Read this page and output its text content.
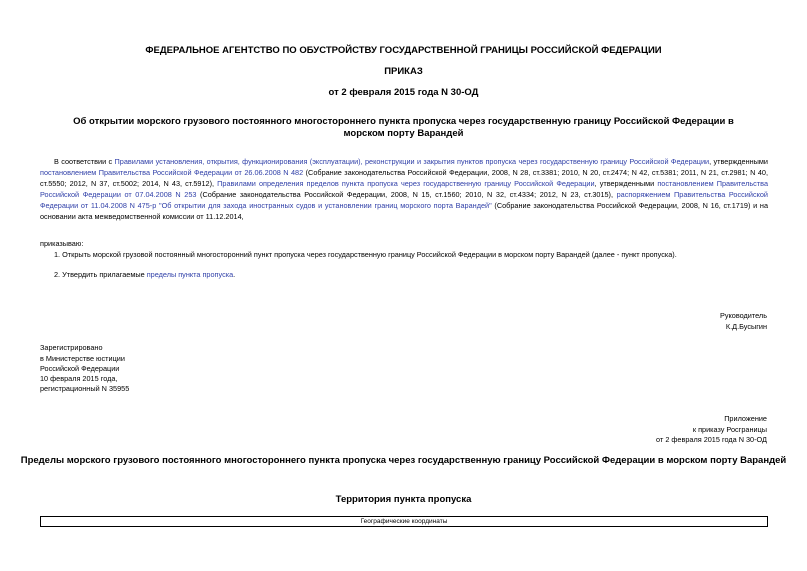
ФЕДЕРАЛЬНОЕ АГЕНТСТВО ПО ОБУСТРОЙСТВУ ГОСУДАРСТВЕННОЙ ГРАНИЦЫ РОССИЙСКОЙ ФЕДЕРАЦИИ
ПРИКАЗ
от 2 февраля 2015 года N 30-ОД
Об открытии морского грузового постоянного многостороннего пункта пропуска через государственную границу Российской Федерации в морском порту Варандей
В соответствии с Правилами установления, открытия, функционирования (эксплуатации), реконструкции и закрытия пунктов пропуска через государственную границу Российской Федерации, утвержденными постановлением Правительства Российской Федерации от 26.06.2008 N 482 (Собрание законодательства Российской Федерации, 2008, N 28, ст.3381; 2010, N 20, ст.2474; N 42, ст.5381; 2011, N 21, ст.2981; N 40, ст.5550; 2012, N 37, ст.5002; 2014, N 43, ст.5912), Правилами определения пределов пункта пропуска через государственную границу Российской Федерации, утвержденными постановлением Правительства Российской Федерации от 07.04.2008 N 253 (Собрание законодательства Российской Федерации, 2008, N 15, ст.1560; 2010, N 32, ст.4334; 2012, N 23, ст.3015), распоряжением Правительства Российской Федерации от 11.04.2008 N 475-р "Об открытии для захода иностранных судов и установлении границ морского порта Варандей" (Собрание законодательства Российской Федерации, 2008, N 16, ст.1719) и на основании акта межведомственной комиссии от 11.12.2014,
приказываю:
1. Открыть морской грузовой постоянный многосторонний пункт пропуска через государственную границу Российской Федерации в морском порту Варандей (далее - пункт пропуска).
2. Утвердить прилагаемые пределы пункта пропуска.
Руководитель
К.Д.Бусыгин
Зарегистрировано
в Министерстве юстиции
Российской Федерации
10 февраля 2015 года,
регистрационный N 35955
Приложение
к приказу Росграницы
от 2 февраля 2015 года N 30-ОД
Пределы морского грузового постоянного многостороннего пункта пропуска через государственную границу Российской Федерации в морском порту Варандей
Территория пункта пропуска
Географические координаты
